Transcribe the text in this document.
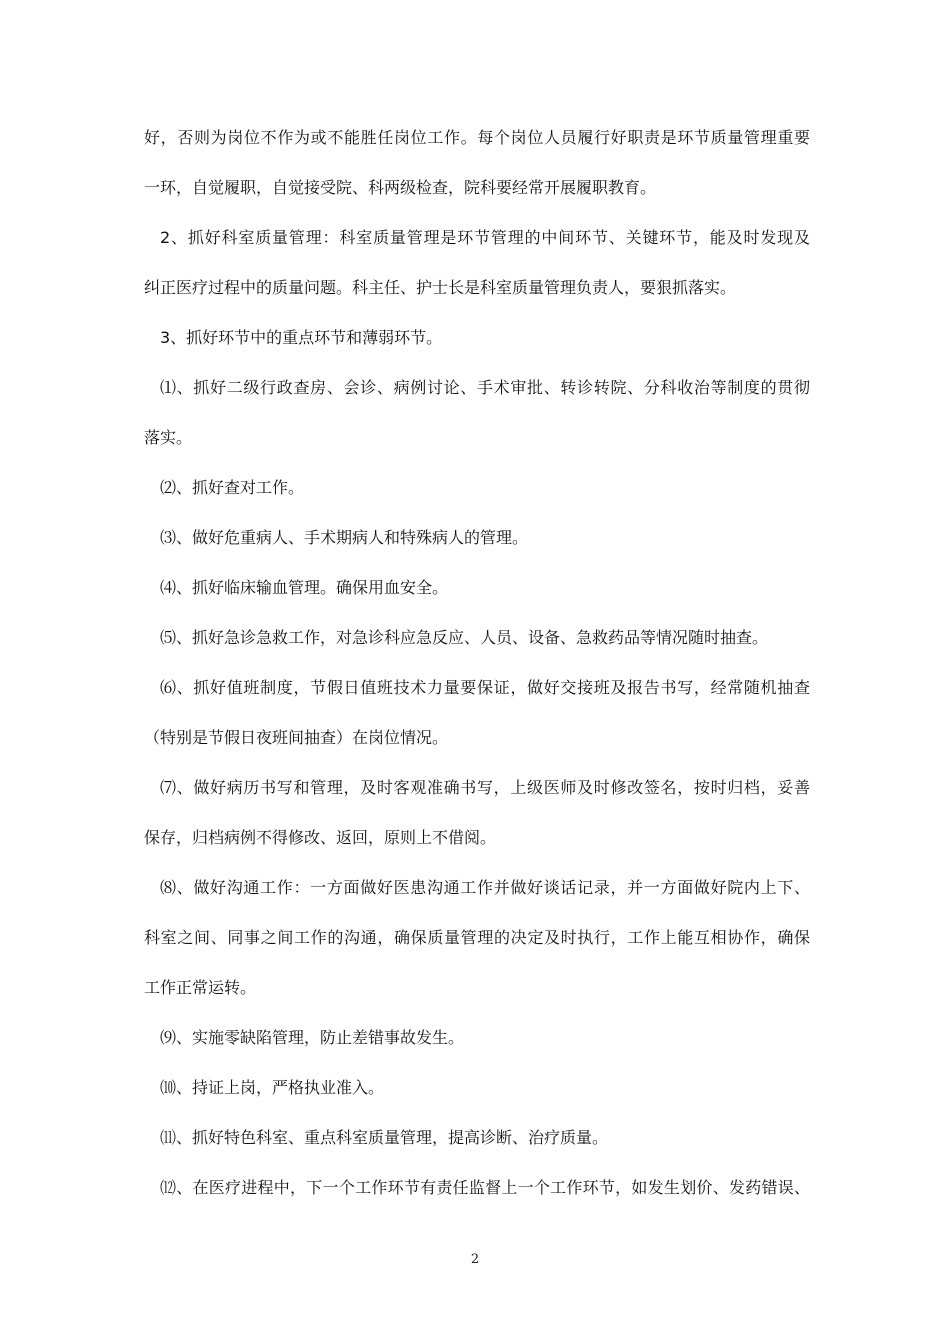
好，否则为岗位不作为或不能胜任岗位工作。每个岗位人员履行好职责是环节质量管理重要
一环，自觉履职，自觉接受院、科两级检查，院科要经常开展履职教育。
2、抓好科室质量管理：科室质量管理是环节管理的中间环节、关键环节，能及时发现及
纠正医疗过程中的质量问题。科主任、护士长是科室质量管理负责人，要狠抓落实。
3、抓好环节中的重点环节和薄弱环节。
⑴、抓好二级行政查房、会诊、病例讨论、手术审批、转诊转院、分科收治等制度的贯彻
落实。
⑵、抓好查对工作。
⑶、做好危重病人、手术期病人和特殊病人的管理。
⑷、抓好临床输血管理。确保用血安全。
⑸、抓好急诊急救工作，对急诊科应急反应、人员、设备、急救药品等情况随时抽查。
⑹、抓好值班制度，节假日值班技术力量要保证，做好交接班及报告书写，经常随机抽查
（特别是节假日夜班间抽查）在岗位情况。
⑺、做好病历书写和管理，及时客观准确书写，上级医师及时修改签名，按时归档，妥善
保存，归档病例不得修改、返回，原则上不借阅。
⑻、做好沟通工作：一方面做好医患沟通工作并做好谈话记录，并一方面做好院内上下、
科室之间、同事之间工作的沟通，确保质量管理的决定及时执行，工作上能互相协作，确保
工作正常运转。
⑼、实施零缺陷管理，防止差错事故发生。
⑽、持证上岗，严格执业准入。
⑾、抓好特色科室、重点科室质量管理，提高诊断、治疗质量。
⑿、在医疗进程中，下一个工作环节有责任监督上一个工作环节，如发生划价、发药错误、
2
